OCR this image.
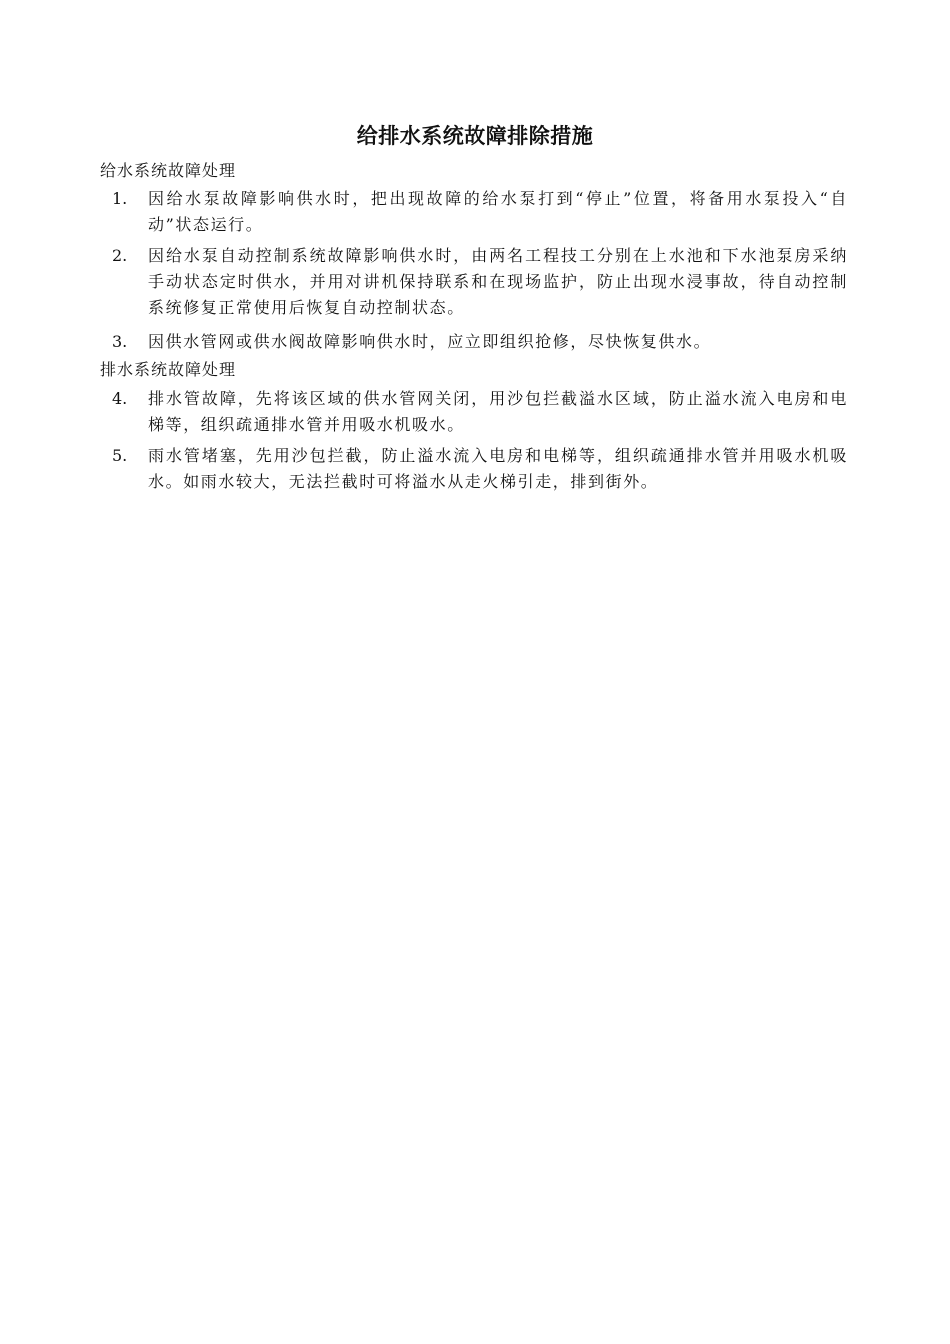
给排水系统故障排除措施
给水系统故障处理
1.	因给水泵故障影响供水时，把出现故障的给水泵打到“停止”位置，将备用水泵投入“自动”状态运行。
2.	因给水泵自动控制系统故障影响供水时，由两名工程技工分别在上水池和下水池泵房采纳手动状态定时供水，并用对讲机保持联系和在现场监护，防止出现水浸事故，待自动控制系统修复正常使用后恢复自动控制状态。
3.	因供水管网或供水阀故障影响供水时，应立即组织抢修，尽快恢复供水。
排水系统故障处理
4.	排水管故障，先将该区域的供水管网关闭，用沙包拦截溢水区域，防止溢水流入电房和电梯等，组织疏通排水管并用吸水机吸水。
5.	雨水管堵塞，先用沙包拦截，防止溢水流入电房和电梯等，组织疏通排水管并用吸水机吸水。如雨水较大，无法拦截时可将溢水从走火梯引走，排到街外。
